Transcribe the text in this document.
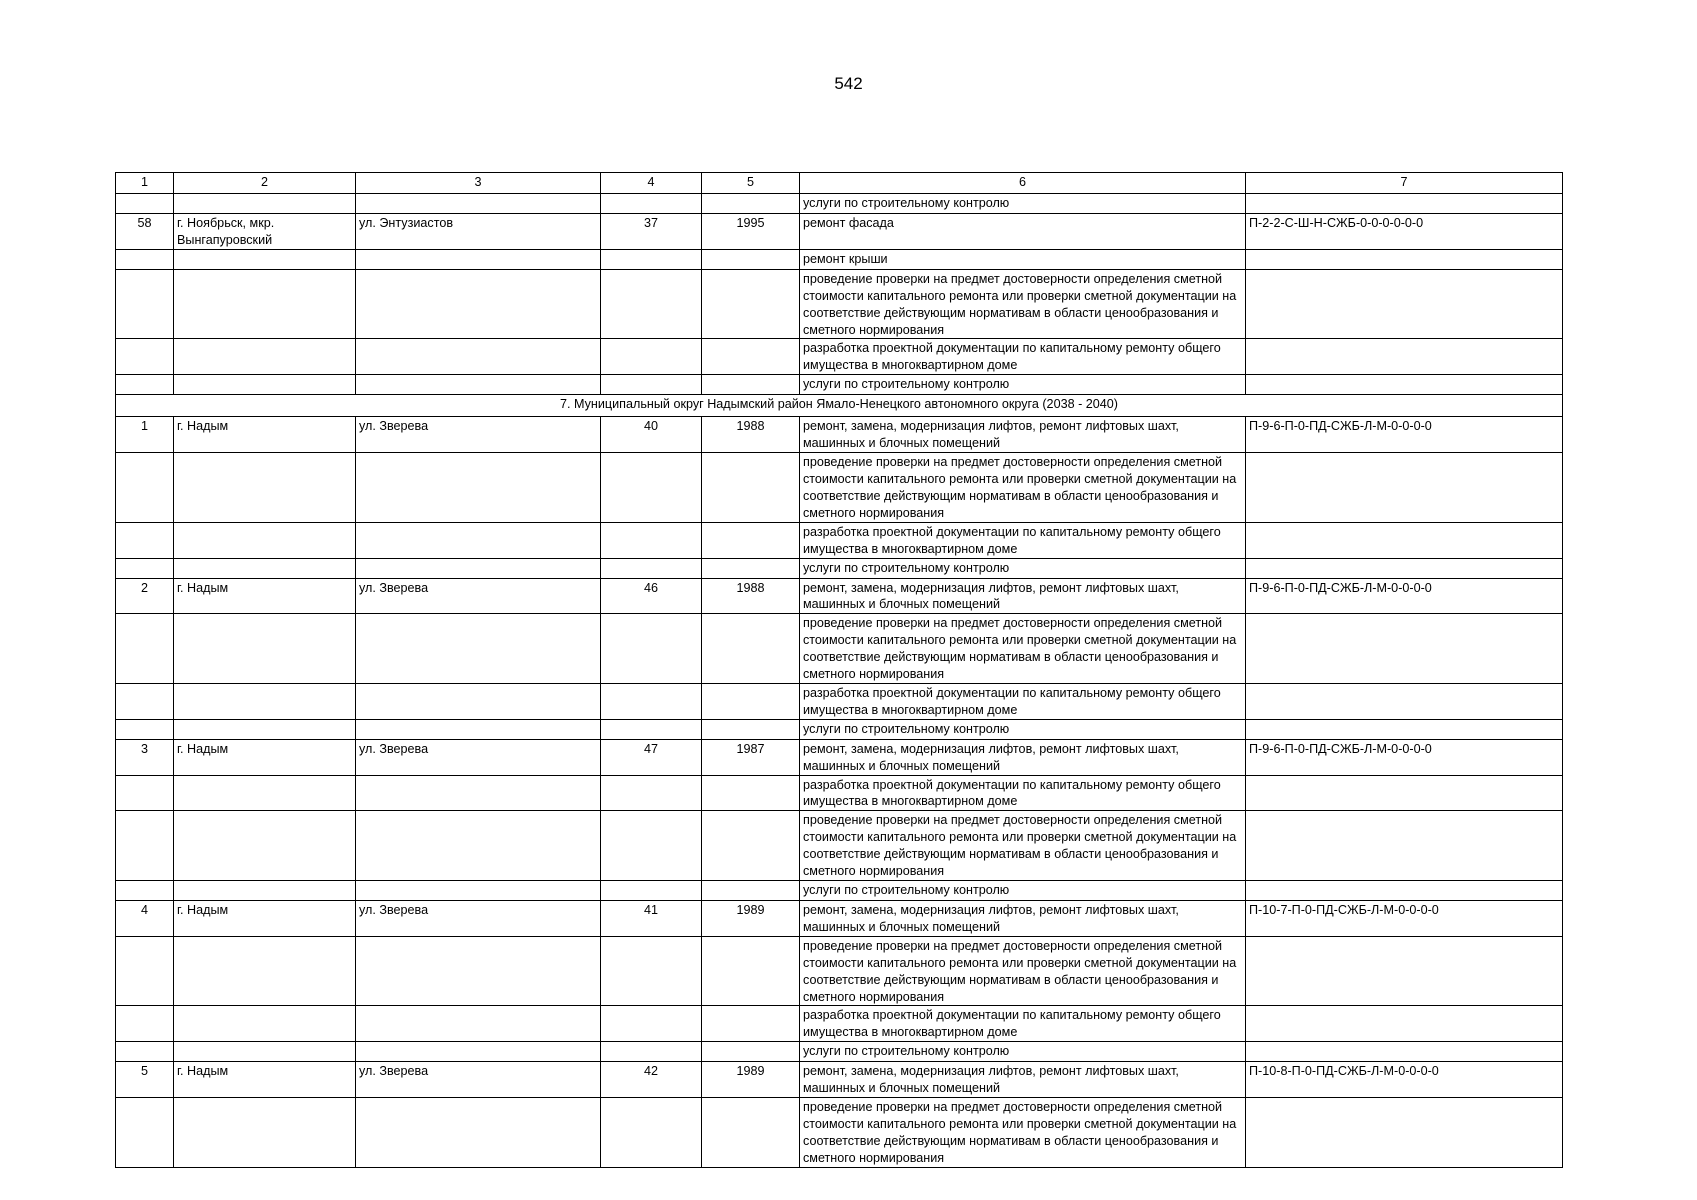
542
1	2	3	4	5	6	7
					услуги по строительному контролю	
58	г. Ноябрьск, мкр. Вынгапуровский	ул. Энтузиастов	37	1995	ремонт фасада	П-2-2-С-Ш-Н-СЖБ-0-0-0-0-0-0
					ремонт крыши	
					проведение проверки на предмет достоверности определения сметной стоимости капитального ремонта или проверки сметной документации на соответствие действующим нормативам в области ценообразования и сметного нормирования	
					разработка проектной документации по капитальному ремонту общего имущества в многоквартирном доме	
					услуги по строительному контролю	
7. Муниципальный округ Надымский район Ямало-Ненецкого автономного округа (2038 - 2040)						
1	г. Надым	ул. Зверева	40	1988	ремонт, замена, модернизация лифтов, ремонт лифтовых шахт, машинных и блочных помещений	П-9-6-П-0-ПД-СЖБ-Л-М-0-0-0-0
					проведение проверки на предмет достоверности определения сметной стоимости капитального ремонта или проверки сметной документации на соответствие действующим нормативам в области ценообразования и сметного нормирования	
					разработка проектной документации по капитальному ремонту общего имущества в многоквартирном доме	
					услуги по строительному контролю	
2	г. Надым	ул. Зверева	46	1988	ремонт, замена, модернизация лифтов, ремонт лифтовых шахт, машинных и блочных помещений	П-9-6-П-0-ПД-СЖБ-Л-М-0-0-0-0
					проведение проверки на предмет достоверности определения сметной стоимости капитального ремонта или проверки сметной документации на соответствие действующим нормативам в области ценообразования и сметного нормирования	
					разработка проектной документации по капитальному ремонту общего имущества в многоквартирном доме	
					услуги по строительному контролю	
3	г. Надым	ул. Зверева	47	1987	ремонт, замена, модернизация лифтов, ремонт лифтовых шахт, машинных и блочных помещений	П-9-6-П-0-ПД-СЖБ-Л-М-0-0-0-0
					разработка проектной документации по капитальному ремонту общего имущества в многоквартирном доме	
					проведение проверки на предмет достоверности определения сметной стоимости капитального ремонта или проверки сметной документации на соответствие действующим нормативам в области ценообразования и сметного нормирования	
					услуги по строительному контролю	
4	г. Надым	ул. Зверева	41	1989	ремонт, замена, модернизация лифтов, ремонт лифтовых шахт, машинных и блочных помещений	П-10-7-П-0-ПД-СЖБ-Л-М-0-0-0-0
					проведение проверки на предмет достоверности определения сметной стоимости капитального ремонта или проверки сметной документации на соответствие действующим нормативам в области ценообразования и сметного нормирования	
					разработка проектной документации по капитальному ремонту общего имущества в многоквартирном доме	
					услуги по строительному контролю	
5	г. Надым	ул. Зверева	42	1989	ремонт, замена, модернизация лифтов, ремонт лифтовых шахт, машинных и блочных помещений	П-10-8-П-0-ПД-СЖБ-Л-М-0-0-0-0
					проведение проверки на предмет достоверности определения сметной стоимости капитального ремонта или проверки сметной документации на соответствие действующим нормативам в области ценообразования и сметного нормирования	
